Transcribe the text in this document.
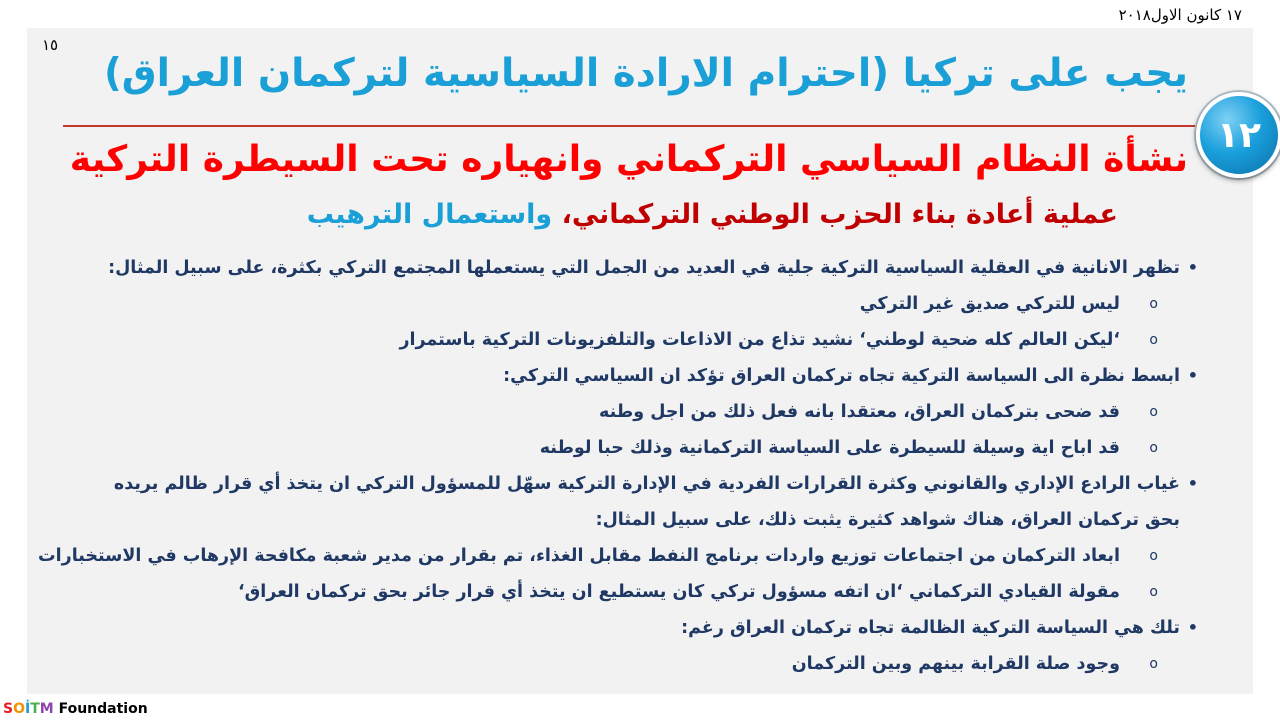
١٧ كانون الاول٢٠١٨
١٥
يجب على تركيا (احترام الارادة السياسية لتركمان العراق)
١٢
نشأة النظام السياسي التركماني وانهياره تحت السيطرة التركية
عملية أعادة بناء الحزب الوطني التركماني، واستعمال الترهيب
•
تظهر الانانية في العقلية السياسية التركية جلية في العديد من الجمل التي يستعملها المجتمع التركي بكثرة، على سبيل المثال:
o
ليس للتركي صديق غير التركي
o
‘ليكن العالم كله ضحية لوطني‘ نشيد تذاع من الاذاعات والتلفزيونات التركية باستمرار
•
ابسط نظرة الى السياسة التركية تجاه تركمان العراق تؤكد ان السياسي التركي:
o
قد ضحى بتركمان العراق، معتقدا بانه فعل ذلك من اجل وطنه
o
قد اباح اية وسيلة للسيطرة على السياسة التركمانية وذلك حبا لوطنه
•
غياب الرادع الإداري والقانوني وكثرة القرارات الفردية في الإدارة التركية سهّل للمسؤول التركي ان يتخذ أي قرار ظالم يريده بحق تركمان العراق، هناك شواهد كثيرة يثبت ذلك، على سبيل المثال:
o
ابعاد التركمان من اجتماعات توزيع واردات برنامج النفط مقابل الغذاء، تم بقرار من مدير شعبة مكافحة الإرهاب في الاستخبارات
o
مقولة القيادي التركماني ‘ان اتفه مسؤول تركي كان يستطيع ان يتخذ أي قرار جائر بحق تركمان العراق‘
•
تلك هي السياسة التركية الظالمة تجاه تركمان العراق رغم:
o
وجود صلة القرابة بينهم وبين التركمان
SOİTM Foundation
